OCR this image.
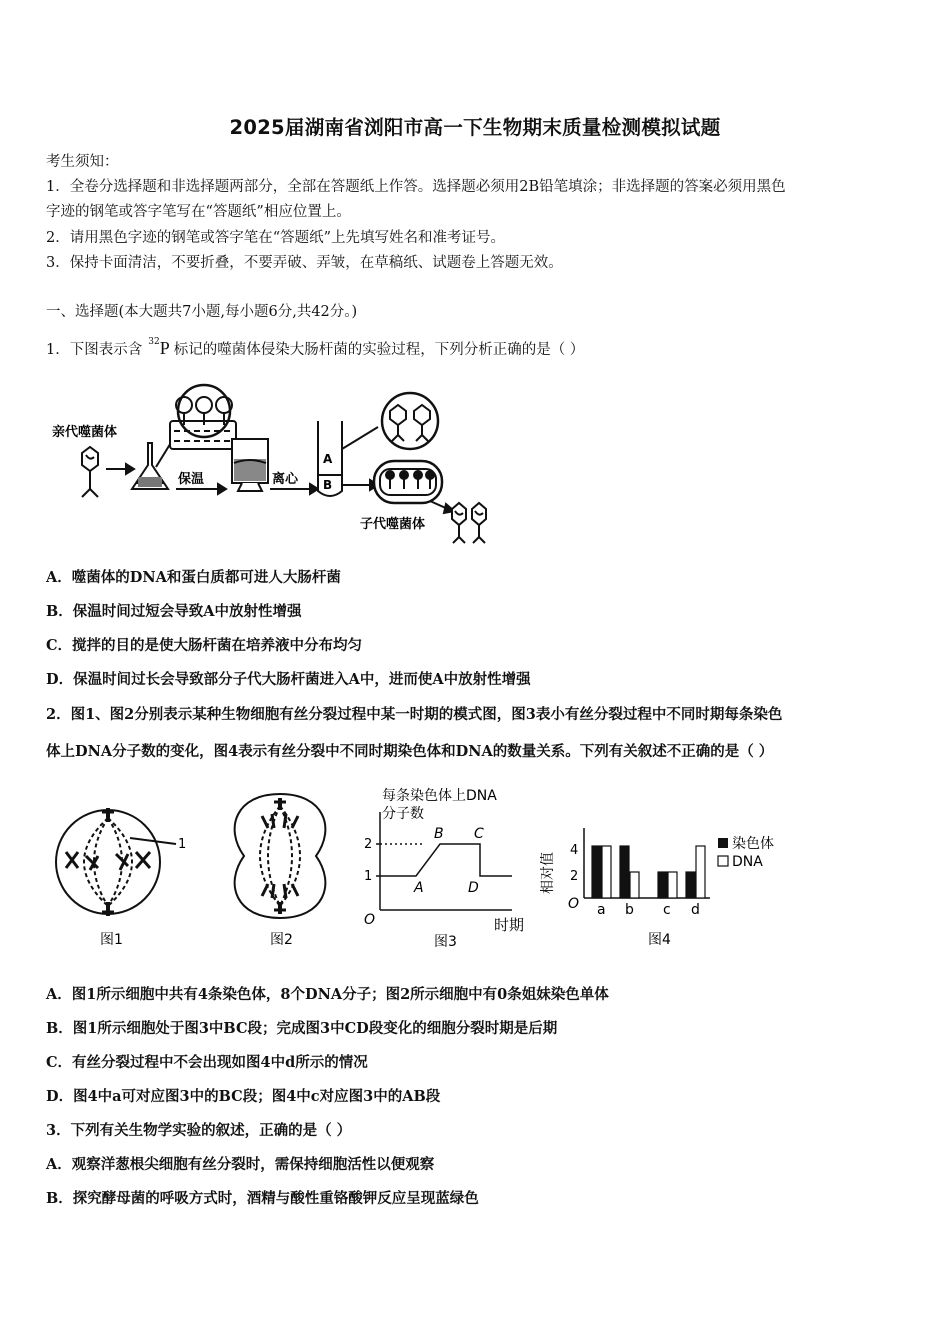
2025届湖南省浏阳市高一下生物期末质量检测模拟试题
考生须知：
1．全卷分选择题和非选择题两部分，全部在答题纸上作答。选择题必须用2B铅笔填涂；非选择题的答案必须用黑色
字迹的钢笔或答字笔写在“答题纸”相应位置上。
2．请用黑色字迹的钢笔或答字笔在“答题纸”上先填写姓名和准考证号。
3．保持卡面清洁，不要折叠，不要弄破、弄皱，在草稿纸、试题卷上答题无效。
一、选择题(本大题共7小题,每小题6分,共42分。)
1．下图表示含 $^{32}$P 标记的噬菌体侵染大肠杆菌的实验过程，下列分析正确的是（ ）
亲代噬菌体
保温	离心
A
B
子代噬菌体
A．噬菌体的DNA和蛋白质都可进人大肠杆菌
B．保温时间过短会导致A中放射性增强
C．搅拌的目的是使大肠杆菌在培养液中分布均匀
D．保温时间过长会导致部分子代大肠杆菌进入A中，进而使A中放射性增强
2．图1、图2分别表示某种生物细胞有丝分裂过程中某一时期的模式图，图3表小有丝分裂过程中不同时期每条染色
体上DNA分子数的变化，图4表示有丝分裂中不同时期染色体和DNA的数量关系。下列有关叙述不正确的是（ ）
1
图1	图2
每条染色体上DNA
分子数
1
2
O
A
B C
D
时期
图3
相对值
4
2
O a b c d
染色体
DNA
图4
A．图1所示细胞中共有4条染色体，8个DNA分子；图2所示细胞中有0条姐妹染色单体
B．图1所示细胞处于图3中BC段；完成图3中CD段变化的细胞分裂时期是后期
C．有丝分裂过程中不会出现如图4中d所示的情况
D．图4中a可对应图3中的BC段；图4中c对应图3中的AB段
3．下列有关生物学实验的叙述，正确的是（ ）
A．观察洋葱根尖细胞有丝分裂时，需保持细胞活性以便观察
B．探究酵母菌的呼吸方式时，酒精与酸性重铬酸钾反应呈现蓝绿色
